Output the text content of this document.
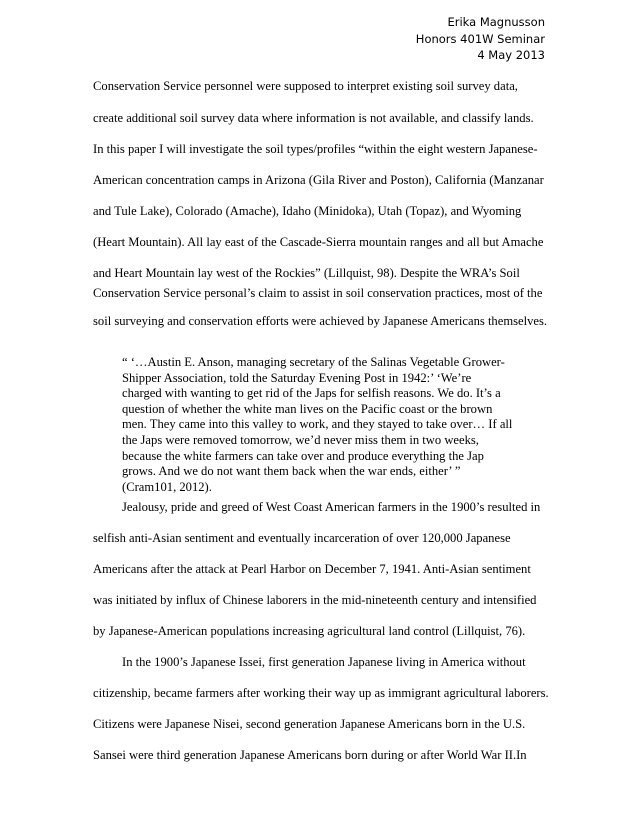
Erika Magnusson
Honors 401W Seminar
4 May 2013
Conservation Service personnel were supposed to interpret existing soil survey data,
create additional soil survey data where information is not available, and classify lands.
In this paper I will investigate the soil types/profiles “within the eight western Japanese-
American concentration camps in Arizona (Gila River and Poston), California (Manzanar
and Tule Lake), Colorado (Amache), Idaho (Minidoka), Utah (Topaz), and Wyoming
(Heart Mountain). All lay east of the Cascade-Sierra mountain ranges and all but Amache
and Heart Mountain lay west of the Rockies” (Lillquist, 98). Despite the WRA’s Soil
Conservation Service personal’s claim to assist in soil conservation practices, most of the
soil surveying and conservation efforts were achieved by Japanese Americans themselves.
“ ‘…Austin E. Anson, managing secretary of the Salinas Vegetable Grower-
Shipper Association, told the Saturday Evening Post in 1942:’ ‘We’re
charged with wanting to get rid of the Japs for selfish reasons. We do. It’s a
question of whether the white man lives on the Pacific coast or the brown
men. They came into this valley to work, and they stayed to take over… If all
the Japs were removed tomorrow, we’d never miss them in two weeks,
because the white farmers can take over and produce everything the Jap
grows. And we do not want them back when the war ends, either’ ”
(Cram101, 2012).
Jealousy, pride and greed of West Coast American farmers in the 1900’s resulted in
selfish anti-Asian sentiment and eventually incarceration of over 120,000 Japanese
Americans after the attack at Pearl Harbor on December 7, 1941. Anti-Asian sentiment
was initiated by influx of Chinese laborers in the mid-nineteenth century and intensified
by Japanese-American populations increasing agricultural land control (Lillquist, 76).
In the 1900’s Japanese Issei, first generation Japanese living in America without
citizenship, became farmers after working their way up as immigrant agricultural laborers.
Citizens were Japanese Nisei, second generation Japanese Americans born in the U.S.
Sansei were third generation Japanese Americans born during or after World War II.In
